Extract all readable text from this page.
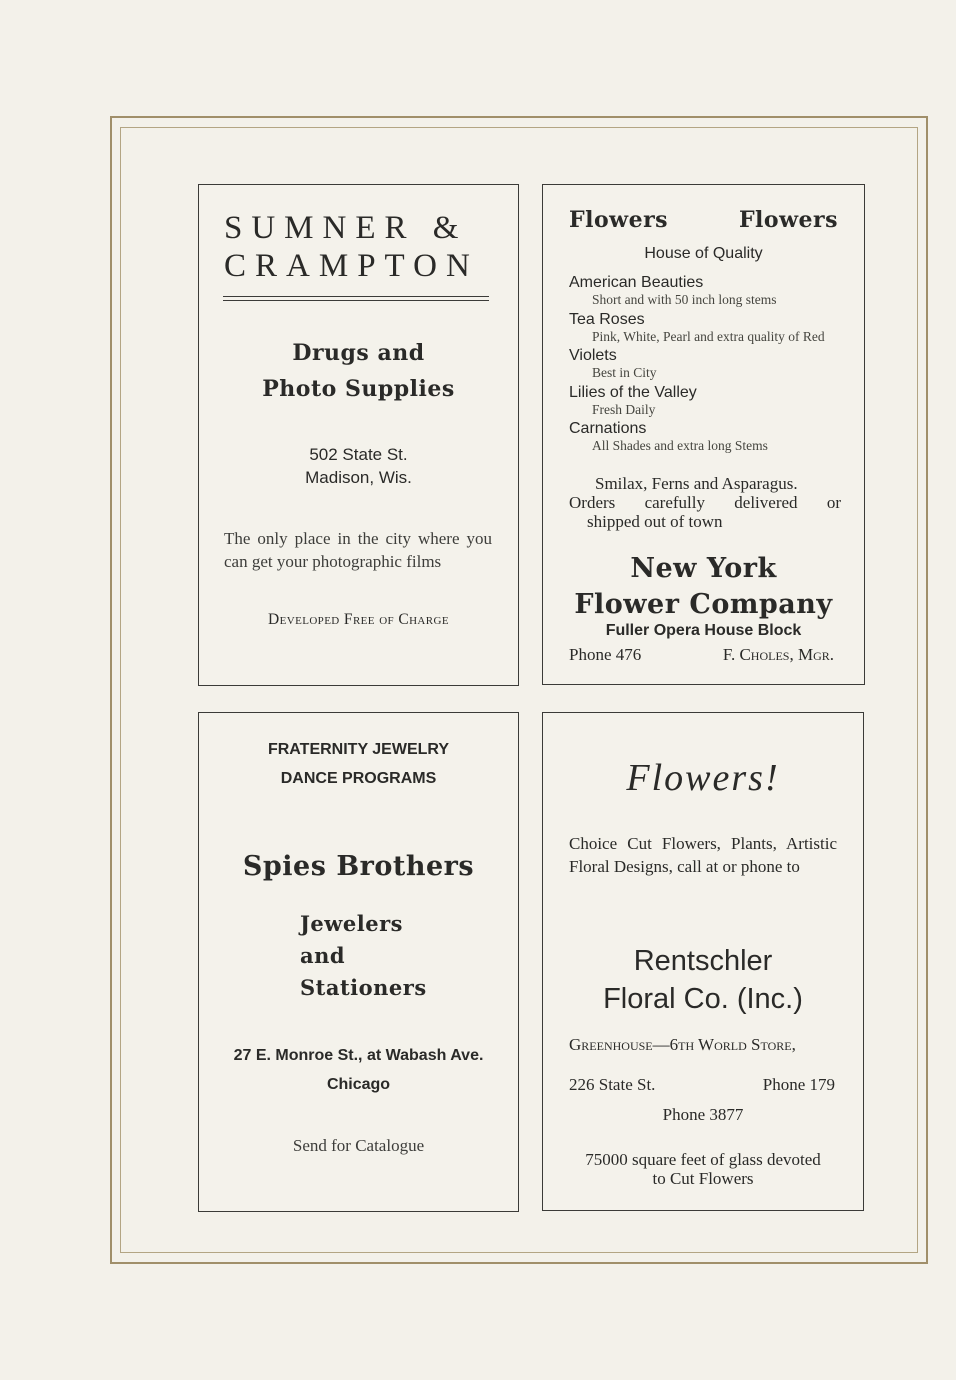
SUMNER &
CRAMPTON
Drugs and
Photo Supplies
502 State St.
Madison, Wis.
The only place in the city where you can get your photographic films
Developed Free of Charge
Flowers	Flowers
House of Quality
American Beauties
Short and with 50 inch long stems
Tea Roses
Pink, White, Pearl and extra quality of Red
Violets
Best in City
Lilies of the Valley
Fresh Daily
Carnations
All Shades and extra long Stems
Smilax, Ferns and Asparagus.
Orders carefully delivered or
shipped out of town
New York
Flower Company
Fuller Opera House Block
Phone 476	F. Choles, Mgr.
FRATERNITY JEWELRY
DANCE PROGRAMS
Spies Brothers
Jewelers
and
Stationers
27 E. Monroe St., at Wabash Ave.
Chicago
Send for Catalogue
Flowers!
Choice Cut Flowers, Plants, Artistic Floral Designs, call at or phone to
Rentschler
Floral Co. (Inc.)
Greenhouse—6th World Store,
226 State St.	Phone 179
Phone 3877
75000 square feet of glass devoted
to Cut Flowers
